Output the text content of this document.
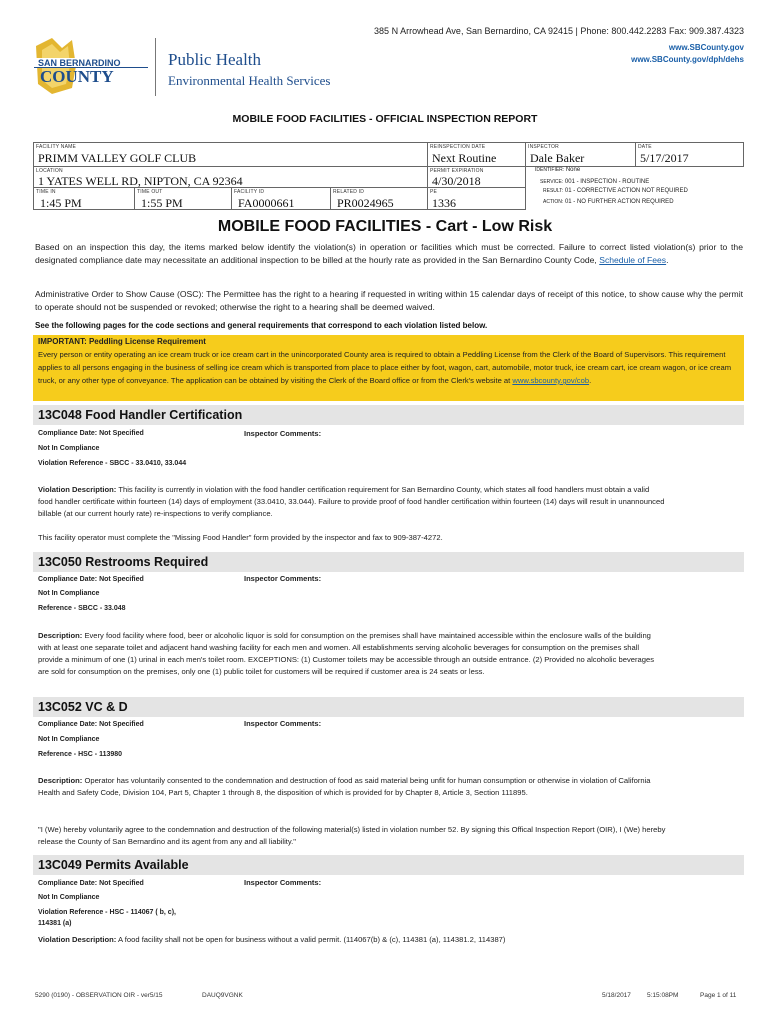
385 N Arrowhead Ave, San Bernardino, CA 92415 | Phone: 800.442.2283 Fax: 909.387.4323
www.SBCounty.gov
www.SBCounty.gov/dph/dehs
SAN BERNARDINO
COUNTY
Public Health
Environmental Health Services
MOBILE FOOD FACILITIES - OFFICIAL INSPECTION REPORT
FACILITY NAME
PRIMM VALLEY GOLF CLUB
REINSPECTION DATE
Next Routine
INSPECTOR
Dale Baker
DATE
5/17/2017
LOCATION
1 YATES WELL RD, NIPTON, CA 92364
PERMIT EXPIRATION
4/30/2018
TIME IN
1:45 PM
TIME OUT
1:55 PM
FACILITY ID
FA0000661
RELATED ID
PR0024965
PE
1336
IDENTIFIER: None
SERVICE: 001 - INSPECTION - ROUTINE
RESULT: 01 - CORRECTIVE ACTION NOT REQUIRED
ACTION: 01 - NO FURTHER ACTION REQUIRED
MOBILE FOOD FACILITIES - Cart - Low Risk
Based on an inspection this day, the items marked below identify the violation(s) in operation or facilities which must be corrected. Failure to correct listed violation(s) prior to the designated compliance date may necessitate an additional inspection to be billed at the hourly rate as provided in the San Bernardino County Code, Schedule of Fees.
Administrative Order to Show Cause (OSC): The Permittee has the right to a hearing if requested in writing within 15 calendar days of receipt of this notice, to show cause why the permit to operate should not be suspended or revoked; otherwise the right to a hearing shall be deemed waived.
See the following pages for the code sections and general requirements that correspond to each violation listed below.
IMPORTANT: Peddling License Requirement
Every person or entity operating an ice cream truck or ice cream cart in the unincorporated County area is required to obtain a Peddling License from the Clerk of the Board of Supervisors. This requirement applies to all persons engaging in the business of selling ice cream which is transported from place to place either by foot, wagon, cart, automobile, motor truck, ice cream cart, ice cream wagon, or ice cream truck, or any other type of conveyance. The application can be obtained by visiting the Clerk of the Board office or from the Clerk's website at www.sbcounty.gov/cob.
13C048 Food Handler Certification
Compliance Date: Not Specified	Inspector Comments:
Not In Compliance
Violation Reference - SBCC - 33.0410, 33.044
Violation Description: This facility is currently in violation with the food handler certification requirement for San Bernardino County, which states all food handlers must obtain a valid food handler certificate within fourteen (14) days of employment (33.0410, 33.044). Failure to provide proof of food handler certification within fourteen (14) days will result in unannounced billable (at our current hourly rate) re-inspections to verify compliance.
This facility operator must complete the "Missing Food Handler" form provided by the inspector and fax to 909-387-4272.
13C050 Restrooms Required
Compliance Date: Not Specified	Inspector Comments:
Not In Compliance
Reference - SBCC - 33.048
Description: Every food facility where food, beer or alcoholic liquor is sold for consumption on the premises shall have maintained accessible within the enclosure walls of the building with at least one separate toilet and adjacent hand washing facility for each men and women. All establishments serving alcoholic beverages for consumption on the premises shall provide a minimum of one (1) urinal in each men's toilet room. EXCEPTIONS: (1) Customer toilets may be accessible through an outside entrance. (2) Provided no alcoholic beverages are sold for consumption on the premises, only one (1) public toilet for customers will be required if customer area is 24 seats or less.
13C052 VC & D
Compliance Date: Not Specified	Inspector Comments:
Not In Compliance
Reference - HSC - 113980
Description: Operator has voluntarily consented to the condemnation and destruction of food as said material being unfit for human consumption or otherwise in violation of California Health and Safety Code, Division 104, Part 5, Chapter 1 through 8, the disposition of which is provided for by Chapter 8, Article 3, Section 111895.
"I (We) hereby voluntarily agree to the condemnation and destruction of the following material(s) listed in violation number 52. By signing this Offical Inspection Report (OIR), I (We) hereby release the County of San Bernardino and its agent from any and all liability."
13C049 Permits Available
Compliance Date: Not Specified	Inspector Comments:
Not In Compliance
Violation Reference - HSC - 114067 ( b, c),
114381 (a)
Violation Description: A food facility shall not be open for business without a valid permit. (114067(b) & (c), 114381 (a), 114381.2, 114387)
5290 (0190) - OBSERVATION OIR - ver5/15	DAUQ9VGNK	5/18/2017 5:15:08PM	Page 1 of 11
